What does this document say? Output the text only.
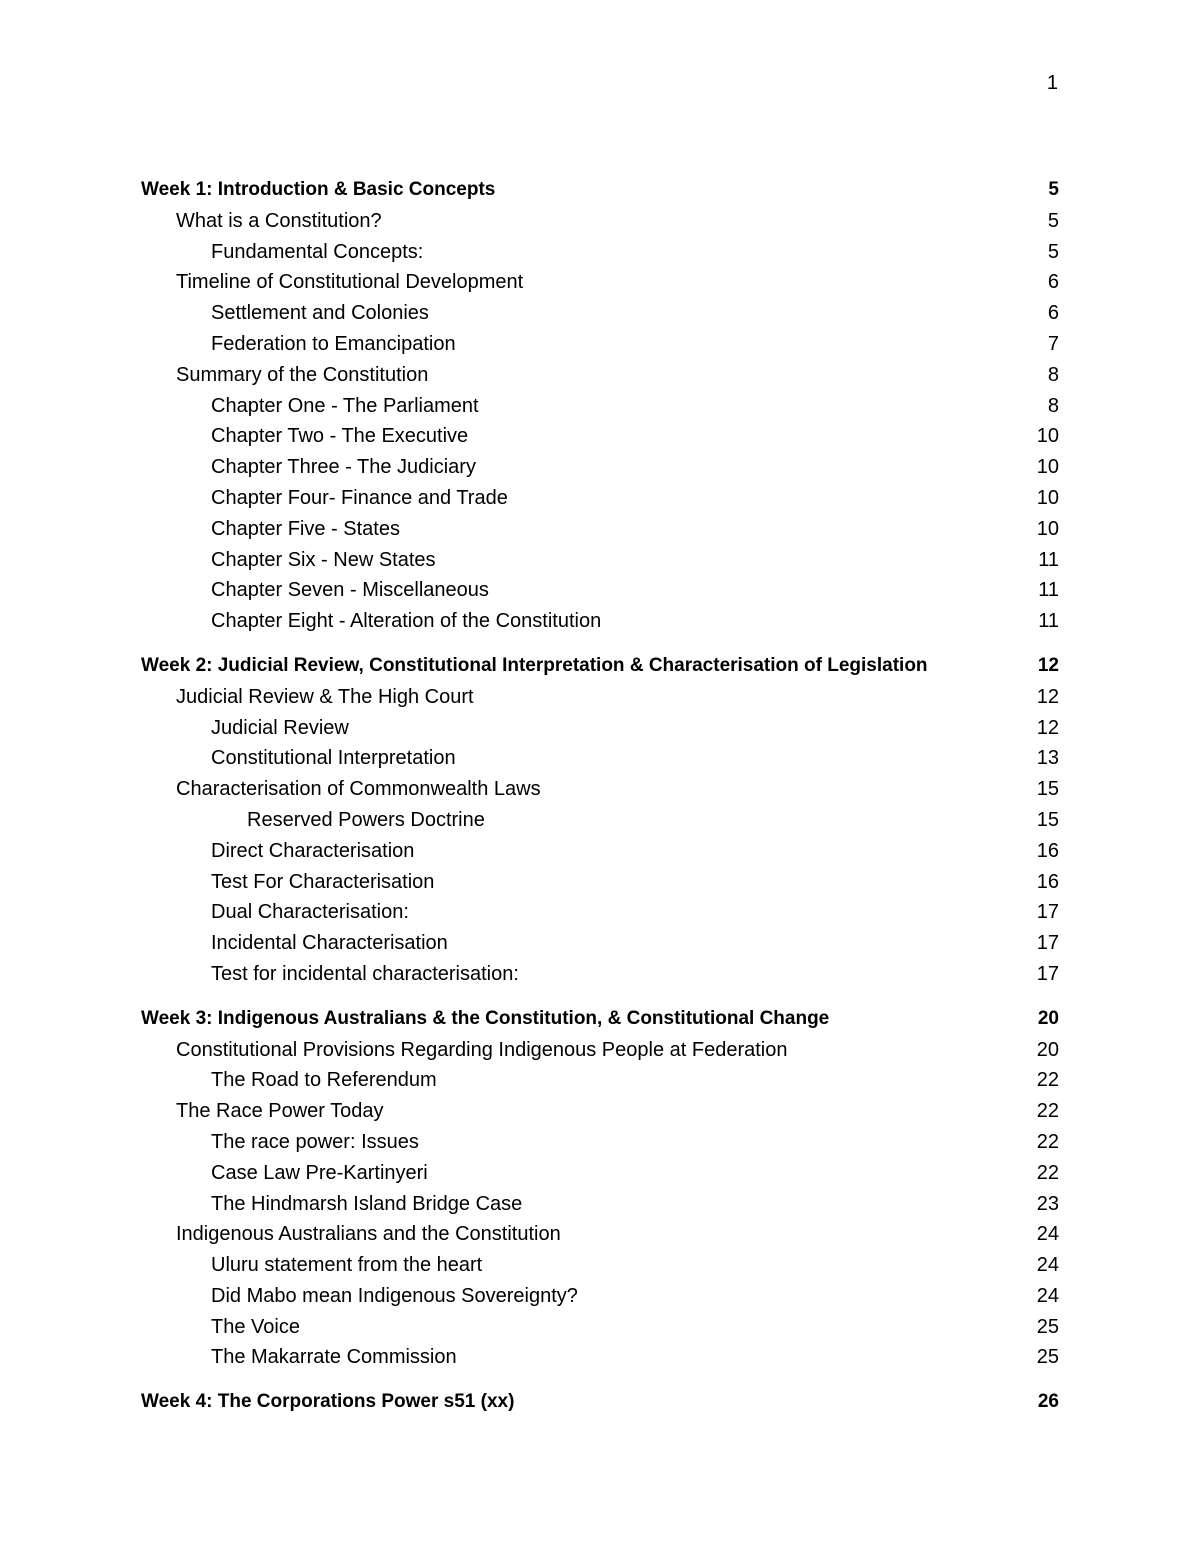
1
Week 1: Introduction & Basic Concepts	5
What is a Constitution?	5
Fundamental Concepts:	5
Timeline of Constitutional Development	6
Settlement and Colonies	6
Federation to Emancipation	7
Summary of the Constitution	8
Chapter One - The Parliament	8
Chapter Two - The Executive	10
Chapter Three - The Judiciary	10
Chapter Four- Finance and Trade	10
Chapter Five - States	10
Chapter Six - New States	11
Chapter Seven - Miscellaneous	11
Chapter Eight - Alteration of the Constitution	11
Week 2: Judicial Review, Constitutional Interpretation & Characterisation of Legislation	12
Judicial Review & The High Court	12
Judicial Review	12
Constitutional Interpretation	13
Characterisation of Commonwealth Laws	15
Reserved Powers Doctrine	15
Direct Characterisation	16
Test For Characterisation	16
Dual Characterisation:	17
Incidental Characterisation	17
Test for incidental characterisation:	17
Week 3: Indigenous Australians & the Constitution, & Constitutional Change	20
Constitutional Provisions Regarding Indigenous People at Federation	20
The Road to Referendum	22
The Race Power Today	22
The race power: Issues	22
Case Law Pre-Kartinyeri	22
The Hindmarsh Island Bridge Case	23
Indigenous Australians and the Constitution	24
Uluru statement from the heart	24
Did Mabo mean Indigenous Sovereignty?	24
The Voice	25
The Makarrate Commission	25
Week 4: The Corporations Power s51 (xx)	26
